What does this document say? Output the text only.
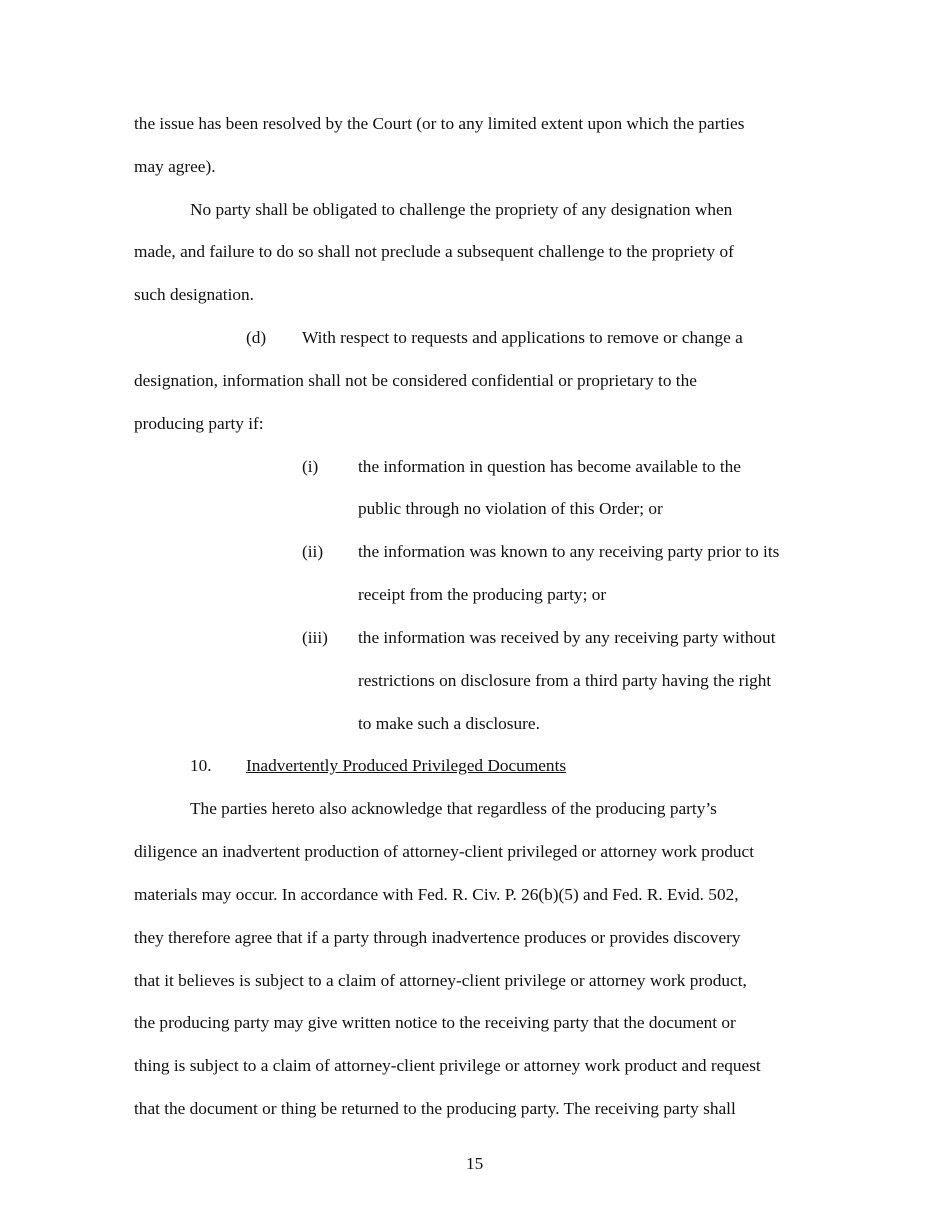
the issue has been resolved by the Court (or to any limited extent upon which the parties
may agree).
No party shall be obligated to challenge the propriety of any designation when
made, and failure to do so shall not preclude a subsequent challenge to the propriety of
such designation.
(d) With respect to requests and applications to remove or change a
designation, information shall not be considered confidential or proprietary to the
producing party if:
(i) the information in question has become available to the
public through no violation of this Order; or
(ii) the information was known to any receiving party prior to its
receipt from the producing party; or
(iii) the information was received by any receiving party without
restrictions on disclosure from a third party having the right
to make such a disclosure.
10. Inadvertently Produced Privileged Documents
The parties hereto also acknowledge that regardless of the producing party’s
diligence an inadvertent production of attorney-client privileged or attorney work product
materials may occur. In accordance with Fed. R. Civ. P. 26(b)(5) and Fed. R. Evid. 502,
they therefore agree that if a party through inadvertence produces or provides discovery
that it believes is subject to a claim of attorney-client privilege or attorney work product,
the producing party may give written notice to the receiving party that the document or
thing is subject to a claim of attorney-client privilege or attorney work product and request
that the document or thing be returned to the producing party. The receiving party shall
15
